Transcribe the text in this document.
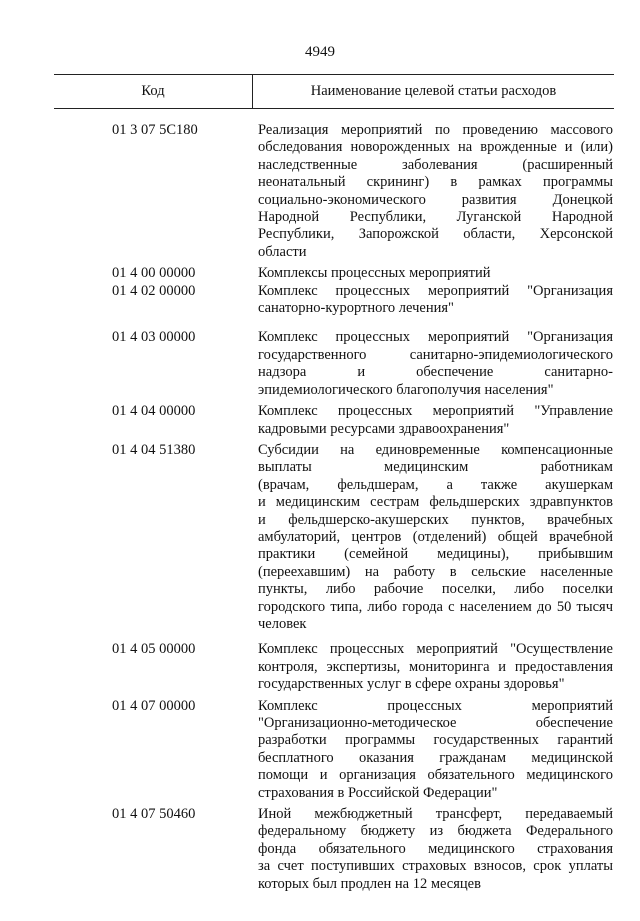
4949
Код	Наименование целевой статьи расходов
01 3 07 5C180	Реализация мероприятий по проведению массового
обследования новорожденных на врожденные и (или)
наследственные заболевания (расширенный
неонатальный скрининг) в рамках программы
социально-экономического развития Донецкой
Народной Республики, Луганской Народной
Республики, Запорожской области, Херсонской
области
01 4 00 00000	Комплексы процессных мероприятий
01 4 02 00000	Комплекс процессных мероприятий "Организация
санаторно-курортного лечения"
01 4 03 00000	Комплекс процессных мероприятий "Организация
государственного санитарно-эпидемиологического
надзора и обеспечение санитарно-
эпидемиологического благополучия населения"
01 4 04 00000	Комплекс процессных мероприятий "Управление
кадровыми ресурсами здравоохранения"
01 4 04 51380	Субсидии на единовременные компенсационные
выплаты медицинским работникам
(врачам, фельдшерам, а также акушеркам
и медицинским сестрам фельдшерских здравпунктов
и фельдшерско-акушерских пунктов, врачебных
амбулаторий, центров (отделений) общей врачебной
практики (семейной медицины), прибывшим
(переехавшим) на работу в сельские населенные
пункты, либо рабочие поселки, либо поселки
городского типа, либо города с населением до 50 тысяч
человек
01 4 05 00000	Комплекс процессных мероприятий "Осуществление
контроля, экспертизы, мониторинга и предоставления
государственных услуг в сфере охраны здоровья"
01 4 07 00000	Комплекс процессных мероприятий
"Организационно-методическое обеспечение
разработки программы государственных гарантий
бесплатного оказания гражданам медицинской
помощи и организация обязательного медицинского
страхования в Российской Федерации"
01 4 07 50460	Иной межбюджетный трансферт, передаваемый
федеральному бюджету из бюджета Федерального
фонда обязательного медицинского страхования
за счет поступивших страховых взносов, срок уплаты
которых был продлен на 12 месяцев
